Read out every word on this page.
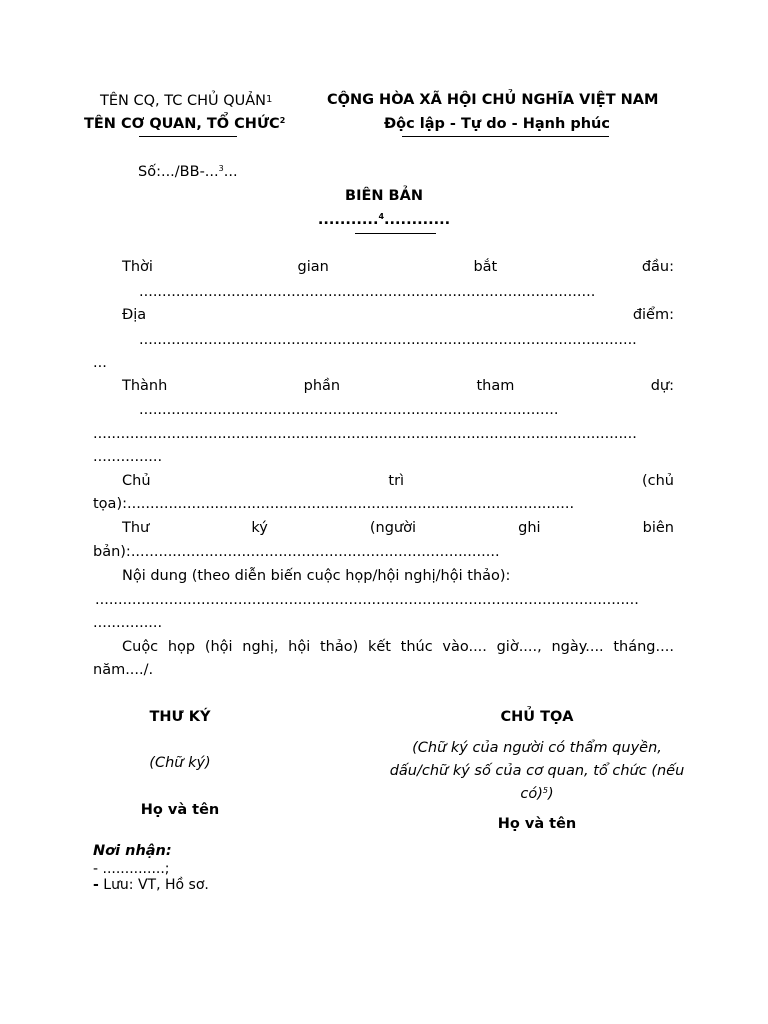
TÊN CQ, TC CHỦ QUẢN$^1$
TÊN CƠ QUAN, TỔ CHỨC$^2$
CỘNG HÒA XÃ HỘI CHỦ NGHĨA VIỆT NAM
Độc lập - Tự do - Hạnh phúc
Số:.../BB-...$^3$...
BIÊN BẢN
...........$^4$............
Thời	gian	bắt	đầu:
...................................................................................................
Địa	điểm:
............................................................................................................
...
Thành	phần	tham	dự:
...........................................................................................
......................................................................................................................
...............
Chủ	trì	(chủ
tọa):.................................................................................................
Thư	ký	(người	ghi	biên
bản):................................................................................
Nội dung (theo diễn biến cuộc họp/hội nghị/hội thảo):
......................................................................................................................
...............
Cuộc họp (hội nghị, hội thảo) kết thúc vào.... giờ...., ngày.... tháng....
năm..../.
THƯ KÝ
(Chữ ký)
Họ và tên
CHỦ TỌA
(Chữ ký của người có thẩm quyền,
dấu/chữ ký số của cơ quan, tổ chức (nếu
có)$^5$)
Họ và tên
Nơi nhận:
- ..............;
- Lưu: VT, Hồ sơ.
